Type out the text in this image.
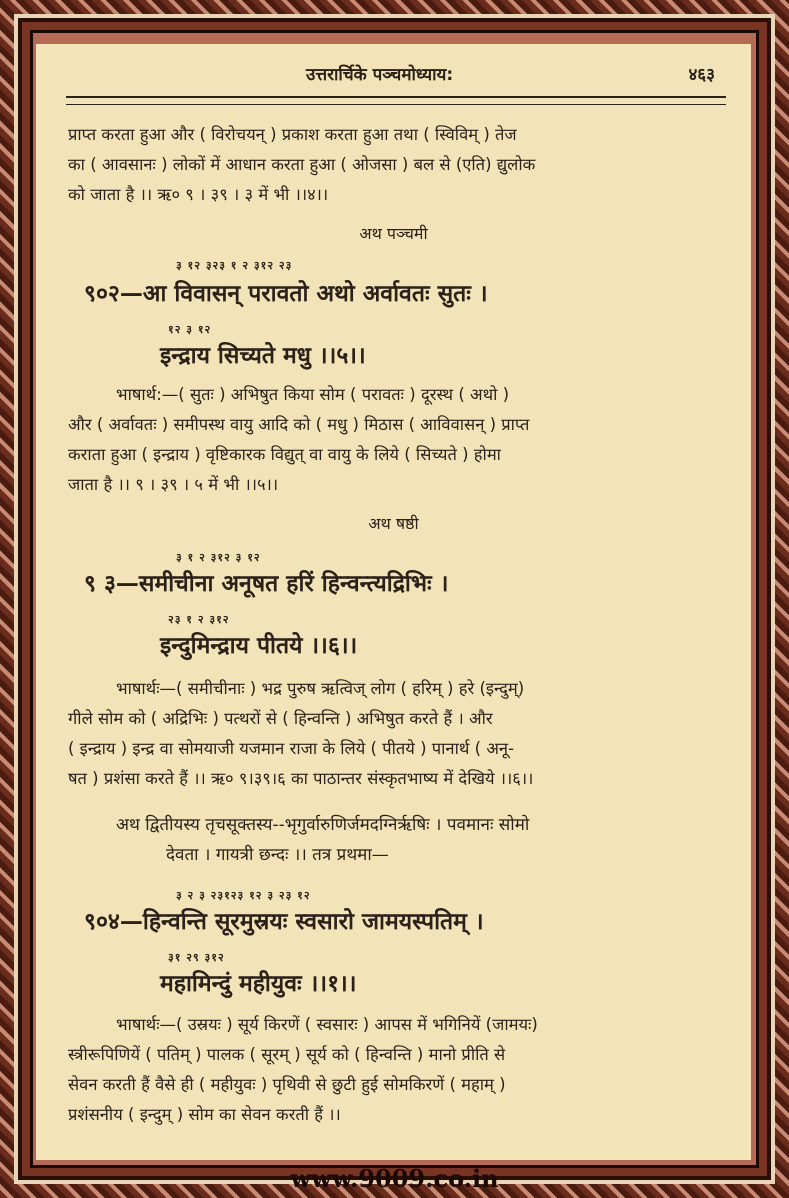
उत्तरार्चिके पञ्चमोध्याय:	४६३
प्राप्त करता हुआ और ( विरोचयन् ) प्रकाश करता हुआ तथा ( स्विविम् ) तेज
का ( आवसानः ) लोकों में आधान करता हुआ ( ओजसा ) बल से (एति) द्युलोक
को जाता है ।। ऋ० ९ । ३९ । ३ में भी ।।४।।
अथ पञ्चमी
३ १२ ३२३ १ २ ३१२ २३
९०२—आ विवासन् परावतो अथो अर्वावतः सुतः ।
१२ ३ १२
इन्द्राय सिच्यते मधु ।।५।।
भाषार्थ:—( सुतः ) अभिषुत किया सोम ( परावतः ) दूरस्थ ( अथो )
और ( अर्वावतः ) समीपस्थ वायु आदि को ( मधु ) मिठास ( आविवासन् ) प्राप्त
कराता हुआ ( इन्द्राय ) वृष्टिकारक विद्युत् वा वायु के लिये ( सिच्यते ) होमा
जाता है ।। ९ । ३९ । ५ में भी ।।५।।
अथ षष्ठी
३ १ २ ३१२ ३ १२
९ ३—समीचीना अनूषत हरिं हिन्वन्त्यद्रिभिः ।
२३ १ २ ३१२
इन्दुमिन्द्राय पीतये ।।६।।
भाषार्थः—( समीचीनाः ) भद्र पुरुष ऋत्विज् लोग ( हरिम् ) हरे (इन्दुम्)
गीले सोम को ( अद्रिभिः ) पत्थरों से ( हिन्वन्ति ) अभिषुत करते हैं । और
( इन्द्राय ) इन्द्र वा सोमयाजी यजमान राजा के लिये ( पीतये ) पानार्थ ( अनू-
षत ) प्रशंसा करते हैं ।। ऋ० ९।३९।६ का पाठान्तर संस्कृतभाष्य में देखिये ।।६।।
अथ द्वितीयस्य तृचसूक्तस्य--भृगुर्वारुणिर्जमदग्निर्ऋषिः । पवमानः सोमो
देवता । गायत्री छन्दः ।। तत्र प्रथमा—
३ २ ३ २३१२३ १२ ३ २३ १२
९०४—हिन्वन्ति सूरमुस्रयः स्वसारो जामयस्पतिम् ।
३१ २९ ३१२
महामिन्दुं महीयुवः ।।१।।
भाषार्थः—( उस्रयः ) सूर्य किरणें ( स्वसारः ) आपस में भगिनियें (जामयः)
स्त्रीरूपिणियें ( पतिम् ) पालक ( सूरम् ) सूर्य को ( हिन्वन्ति ) मानो प्रीति से
सेवन करती हैं वैसे ही ( महीयुवः ) पृथिवी से छुटी हुई सोमकिरणें ( महाम् )
प्रशंसनीय ( इन्दुम् ) सोम का सेवन करती हैं ।।
www.9009.co.in
